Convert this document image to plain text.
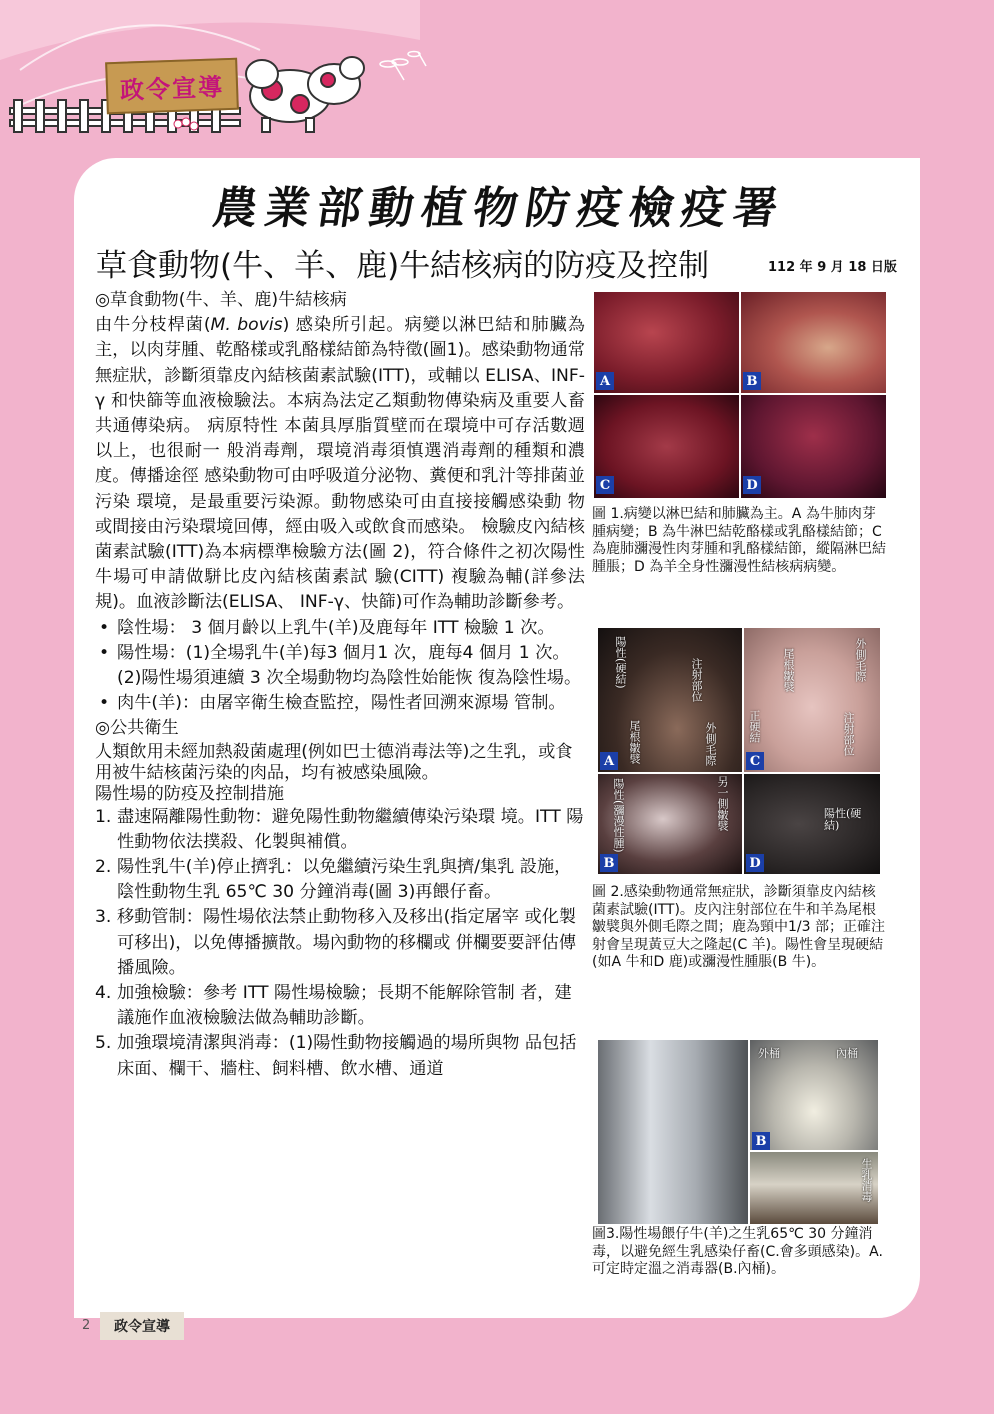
政令宣導
農業部動植物防疫檢疫署
草食動物(牛、羊、鹿)牛結核病的防疫及控制	112 年 9 月 18 日版

◎草食動物(牛、羊、鹿)牛結核病

由牛分枝桿菌(M. bovis) 感染所引起。病變以淋巴結和肺臟為主，以肉芽腫、乾酪樣或乳酪樣結節為特徵(圖1)。感染動物通常無症狀，診斷須靠皮內結核菌素試驗(ITT)，或輔以 ELISA、INF-γ 和快篩等血液檢驗法。本病為法定乙類動物傳染病及重要人畜共通傳染病。 病原特性 本菌具厚脂質壁而在環境中可存活數週以上，也很耐一 般消毒劑，環境消毒須慎選消毒劑的種類和濃度。傳播途徑 感染動物可由呼吸道分泌物、糞便和乳汁等排菌並污染 環境，是最重要污染源。動物感染可由直接接觸感染動 物或間接由污染環境回傳，經由吸入或飲食而感染。 檢驗皮內結核菌素試驗(ITT)為本病標準檢驗方法(圖 2)，符合條件之初次陽性牛場可申請做駢比皮內結核菌素試 驗(CITT) 複驗為輔(詳參法規)。血液診斷法(ELISA、 INF-γ、快篩)可作為輔助診斷參考。

• 陰性場： 3 個月齡以上乳牛(羊)及鹿每年 ITT 檢驗 1 次。
• 陽性場：(1)全場乳牛(羊)每3 個月1 次，鹿每4 個月 1 次。(2)陽性場須連續 3 次全場動物均為陰性始能恢 復為陰性場。
• 肉牛(羊)：由屠宰衛生檢查監控，陽性者回溯來源場 管制。

◎公共衛生

人類飲用未經加熱殺菌處理(例如巴士德消毒法等)之生乳，或食用被牛結核菌污染的肉品，均有被感染風險。

陽性場的防疫及控制措施

1. 盡速隔離陽性動物：避免陽性動物繼續傳染污染環 境。ITT 陽性動物依法撲殺、化製與補償。
2. 陽性乳牛(羊)停止擠乳：以免繼續污染生乳與擠/集乳 設施，陰性動物生乳 65℃ 30 分鐘消毒(圖 3)再餵仔畜。
3. 移動管制：陽性場依法禁止動物移入及移出(指定屠宰 或化製可移出)，以免傳播擴散。場內動物的移欄或 併欄要要評估傳播風險。
4. 加強檢驗：參考 ITT 陽性場檢驗；長期不能解除管制 者，建議施作血液檢驗法做為輔助診斷。
5. 加強環境清潔與消毒：(1)陽性動物接觸過的場所與物 品包括床面、欄干、牆柱、飼料槽、飲水槽、通道
A	B
C	D
圖 1.病變以淋巴結和肺臟為主。A 為牛肺肉芽腫病變；B 為牛淋巴結乾酪樣或乳酪樣結節；C 為鹿肺瀰漫性肉芽腫和乳酪樣結節，縱隔淋巴結腫脹；D 為羊全身性瀰漫性結核病病變。
A	C
B	D
陽性(硬結)	注射部位
尾根皺襞	外側毛際
尾根皺襞	外側毛際
注射部位
正硬結
陽性(瀰漫性腫)	另一側皺襞	陽性(硬結)
圖 2.感染動物通常無症狀，診斷須靠皮內結核菌素試驗(ITT)。皮內注射部位在牛和羊為尾根皺襞與外側毛際之間；鹿為頸中1/3 部；正確注射會呈現黃豆大之隆起(C 羊)。陽性會呈現硬結(如A 牛和D 鹿)或瀰漫性腫脹(B 牛)。
B
外桶	內桶
生乳消毒
圖3.陽性場餵仔牛(羊)之生乳65℃ 30 分鐘消毒，以避免經生乳感染仔畜(C.會多頭感染)。A.可定時定溫之消毒器(B.內桶)。
2	政令宣導
